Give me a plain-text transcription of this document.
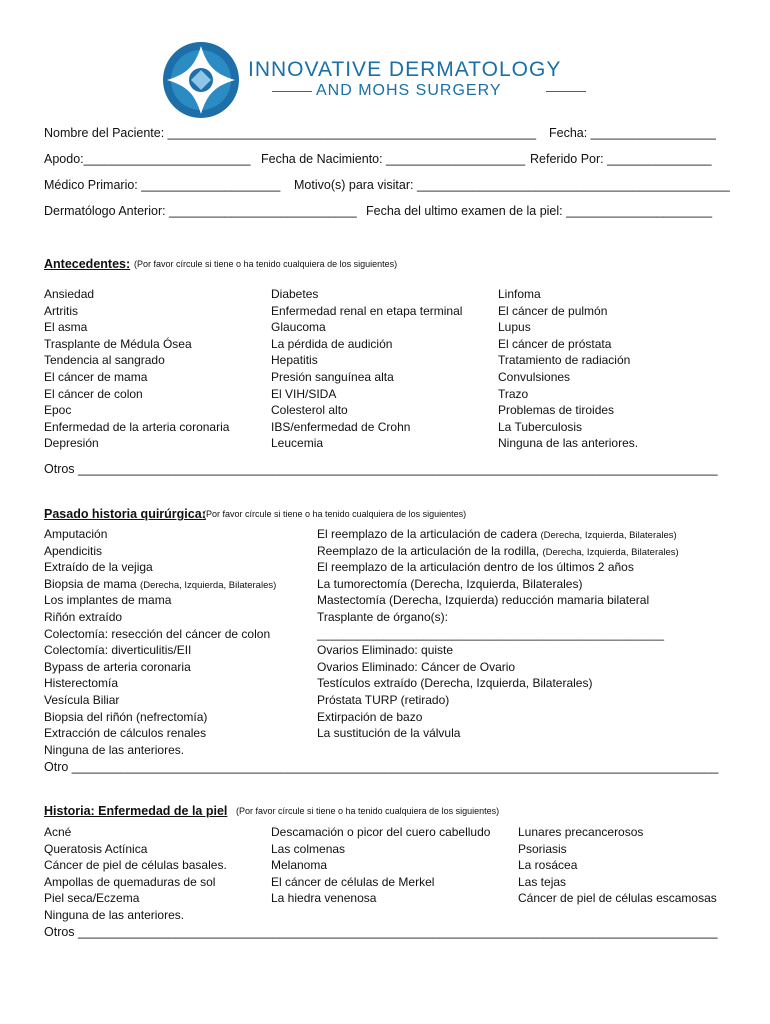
INNOVATIVE DERMATOLOGY
AND MOHS SURGERY
Nombre del Paciente: _____________________________________________________ Fecha: __________________
Apodo:________________________ Fecha de Nacimiento: ____________________ Referido Por: _______________
Médico Primario: ____________________ Motivo(s) para visitar: _____________________________________________
Dermatólogo Anterior: ___________________________ Fecha del ultimo examen de la piel: _____________________
Antecedentes: (Por favor círcule si tiene o ha tenido cualquiera de los siguientes)
Ansiedad
Artritis
El asma
Trasplante de Médula Ósea
Tendencia al sangrado
El cáncer de mama
El cáncer de colon
Epoc
Enfermedad de la arteria coronaria
Depresión
Diabetes
Enfermedad renal en etapa terminal
Glaucoma
La pérdida de audición
Hepatitis
Presión sanguínea alta
El VIH/SIDA
Colesterol alto
IBS/enfermedad de Crohn
Leucemia
Linfoma
El cáncer de pulmón
Lupus
El cáncer de próstata
Tratamiento de radiación
Convulsiones
Trazo
Problemas de tiroides
La Tuberculosis
Ninguna de las anteriores.
Otros ____________________________________________________________________________________________
Pasado historia quirúrgica:
(Por favor círcule si tiene o ha tenido cualquiera de los siguientes)
Amputación
Apendicitis
Extraído de la vejiga
Biopsia de mama (Derecha, Izquierda, Bilaterales)
Los implantes de mama
Riñón extraído
Colectomía: resección del cáncer de colon
Colectomía: diverticulitis/EII
Bypass de arteria coronaria
Histerectomía
Vesícula Biliar
Biopsia del riñón (nefrectomía)
Extracción de cálculos renales
Ninguna de las anteriores.
El reemplazo de la articulación de cadera (Derecha, Izquierda, Bilaterales)
Reemplazo de la articulación de la rodilla, (Derecha, Izquierda, Bilaterales)
El reemplazo de la articulación dentro de los últimos 2 años
La tumorectomía (Derecha, Izquierda, Bilaterales)
Mastectomía (Derecha, Izquierda) reducción mamaria bilateral
Trasplante de órgano(s):
____________________________________________________
Ovarios Eliminado: quiste
Ovarios Eliminado: Cáncer de Ovario
Testículos extraído (Derecha, Izquierda, Bilaterales)
Próstata TURP (retirado)
Extirpación de bazo
La sustitución de la válvula
Otro _____________________________________________________________________________________________
Historia: Enfermedad de la piel (Por favor círcule si tiene o ha tenido cualquiera de los siguientes)
Acné
Queratosis Actínica
Cáncer de piel de células basales.
Ampollas de quemaduras de sol
Piel seca/Eczema
Ninguna de las anteriores.
Descamación o picor del cuero cabelludo
Las colmenas
Melanoma
El cáncer de células de Merkel
La hiedra venenosa
Lunares precancerosos
Psoriasis
La rosácea
Las tejas
Cáncer de piel de células escamosas
Otros ____________________________________________________________________________________________
